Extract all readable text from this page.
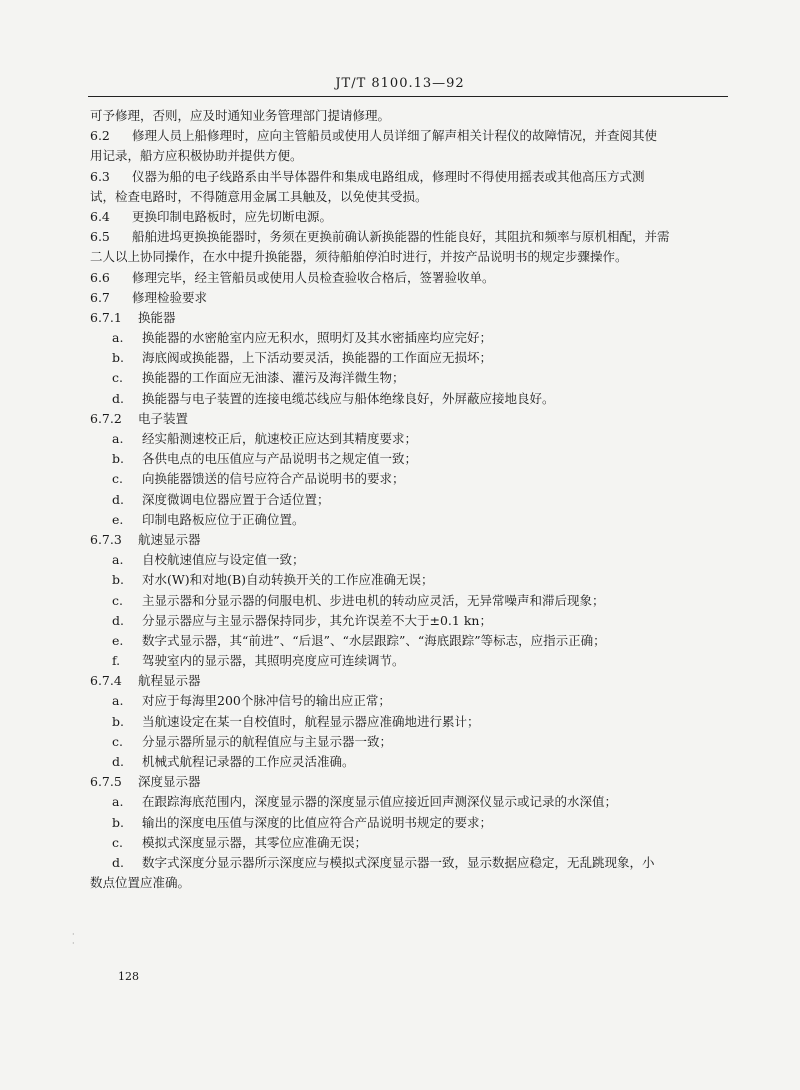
JT/T 8100.13—92
可予修理，否则，应及时通知业务管理部门提请修理。
6.2 修理人员上船修理时，应向主管船员或使用人员详细了解声相关计程仪的故障情况，并查阅其使
用记录，船方应积极协助并提供方便。
6.3 仪器为船的电子线路系由半导体器件和集成电路组成，修理时不得使用摇表或其他高压方式测
试，检查电路时，不得随意用金属工具触及，以免使其受损。
6.4 更换印制电路板时，应先切断电源。
6.5 船舶进坞更换换能器时，务须在更换前确认新换能器的性能良好，其阻抗和频率与原机相配，并需
二人以上协同操作，在水中提升换能器，须待船舶停泊时进行，并按产品说明书的规定步骤操作。
6.6 修理完毕，经主管船员或使用人员检查验收合格后，签署验收单。
6.7 修理检验要求
6.7.1 换能器
a. 换能器的水密舱室内应无积水，照明灯及其水密插座均应完好；
b. 海底阀或换能器，上下活动要灵活，换能器的工作面应无损坏；
c. 换能器的工作面应无油漆、灌污及海洋微生物；
d. 换能器与电子装置的连接电缆芯线应与船体绝缘良好，外屏蔽应接地良好。
6.7.2 电子装置
a. 经实船测速校正后，航速校正应达到其精度要求；
b. 各供电点的电压值应与产品说明书之规定值一致；
c. 向换能器馈送的信号应符合产品说明书的要求；
d. 深度微调电位器应置于合适位置；
e. 印制电路板应位于正确位置。
6.7.3 航速显示器
a. 自校航速值应与设定值一致；
b. 对水(W)和对地(B)自动转换开关的工作应准确无误；
c. 主显示器和分显示器的伺服电机、步进电机的转动应灵活，无异常噪声和滞后现象；
d. 分显示器应与主显示器保持同步，其允许误差不大于±0.1 kn；
e. 数字式显示器，其“前进”、“后退”、“水层跟踪”、“海底跟踪”等标志，应指示正确；
f. 驾驶室内的显示器，其照明亮度应可连续调节。
6.7.4 航程显示器
a. 对应于每海里200个脉冲信号的输出应正常；
b. 当航速设定在某一自校值时，航程显示器应准确地进行累计；
c. 分显示器所显示的航程值应与主显示器一致；
d. 机械式航程记录器的工作应灵活准确。
6.7.5 深度显示器
a. 在跟踪海底范围内，深度显示器的深度显示值应接近回声测深仪显示或记录的水深值；
b. 输出的深度电压值与深度的比值应符合产品说明书规定的要求；
c. 模拟式深度显示器，其零位应准确无误；
d. 数字式深度分显示器所示深度应与模拟式深度显示器一致，显示数据应稳定，无乱跳现象，小
数点位置应准确。
·
·
128
